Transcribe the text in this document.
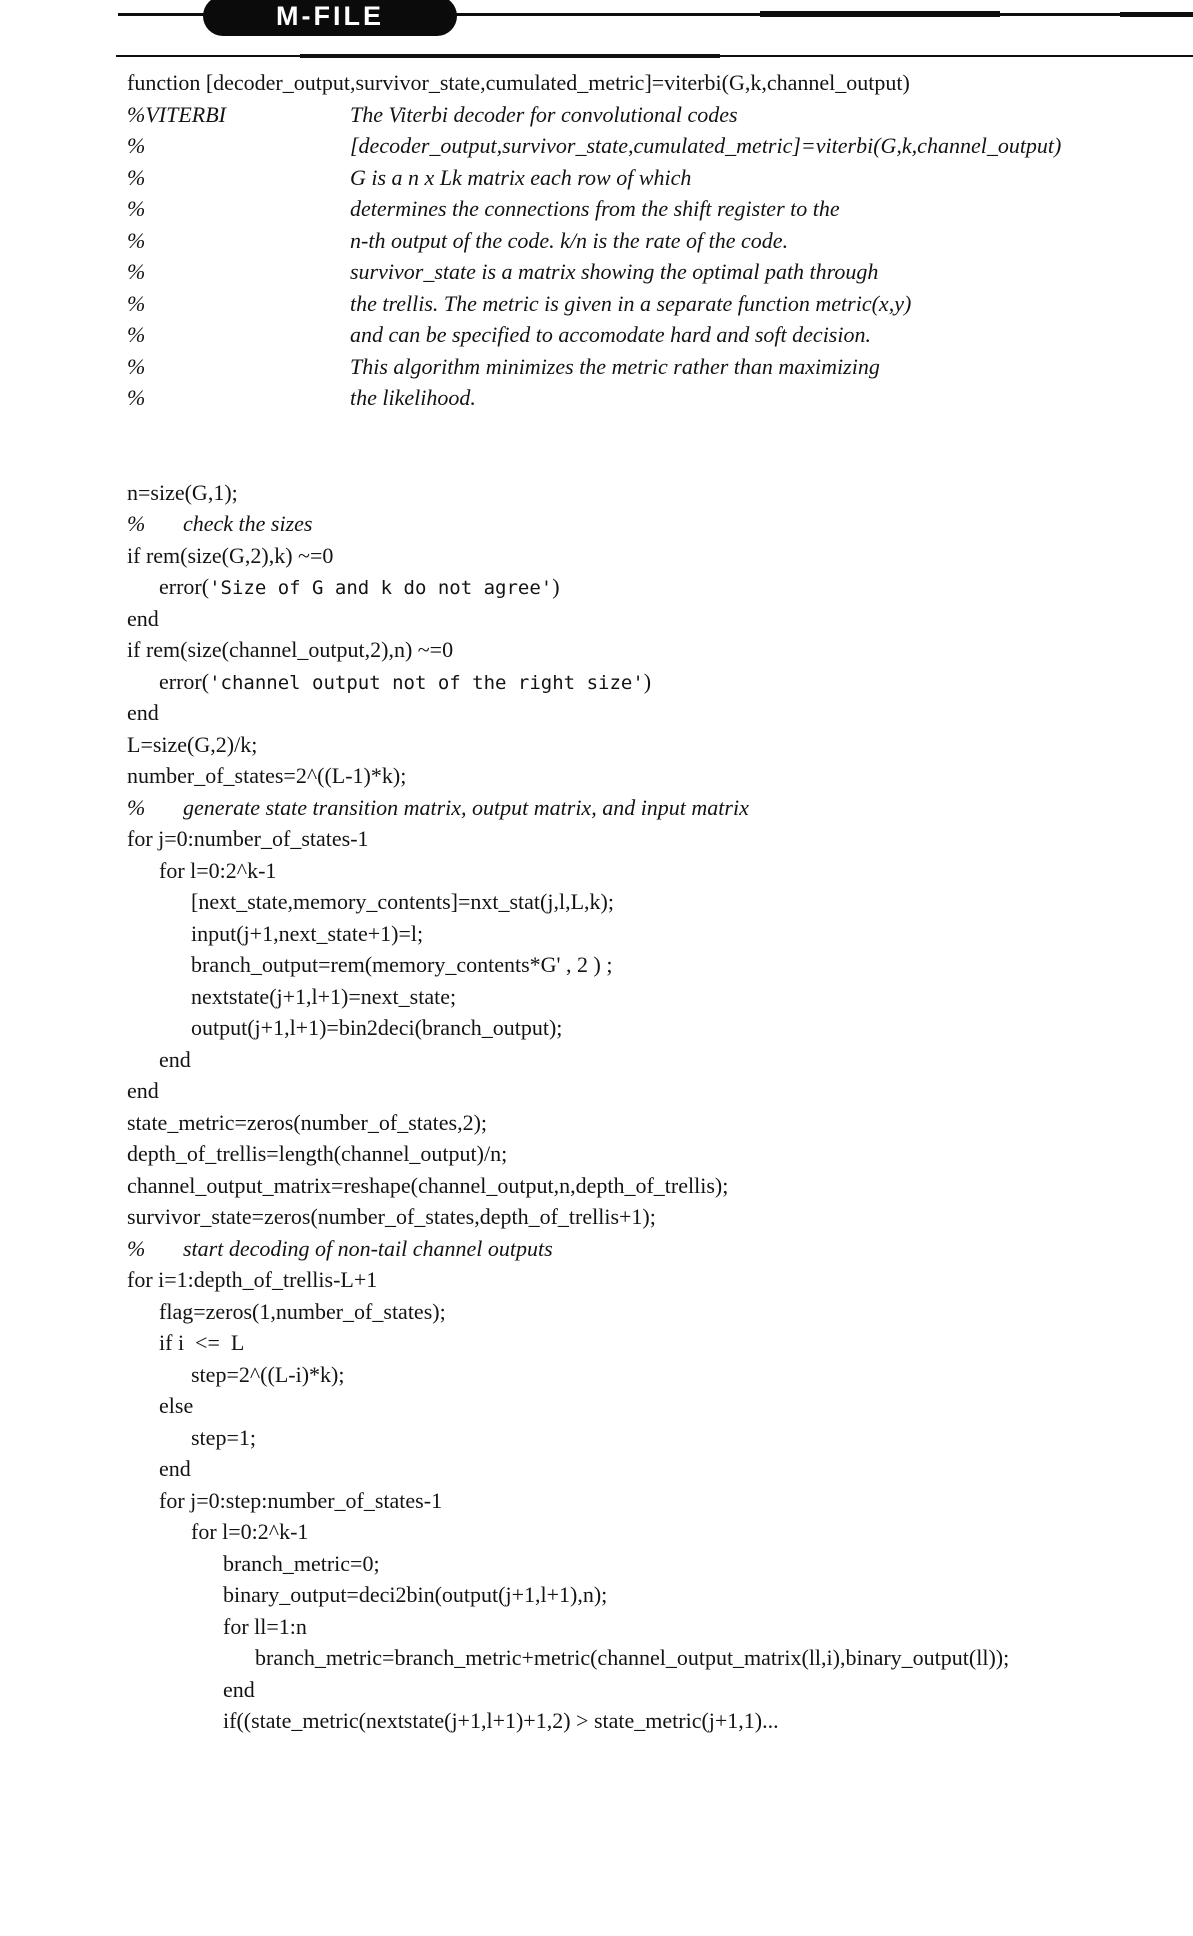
M-FILE
function [decoder_output,survivor_state,cumulated_metric]=viterbi(G,k,channel_output)
%VITERBI	The Viterbi decoder for convolutional codes
%	[decoder_output,survivor_state,cumulated_metric]=viterbi(G,k,channel_output)
%	G is a n x Lk matrix each row of which
%	determines the connections from the shift register to the
%	n-th output of the code. k/n is the rate of the code.
%	survivor_state is a matrix showing the optimal path through
%	the trellis. The metric is given in a separate function metric(x,y)
%	and can be specified to accomodate hard and soft decision.
%	This algorithm minimizes the metric rather than maximizing
%	the likelihood.
n=size(G,1);
% check the sizes
if rem(size(G,2),k) ~=0
error('Size of G and k do not agree')
end
if rem(size(channel_output,2),n) ~=0
error('channel output not of the right size')
end
L=size(G,2)/k;
number_of_states=2^((L-1)*k);
% generate state transition matrix, output matrix, and input matrix
for j=0:number_of_states-1
for l=0:2^k-1
[next_state,memory_contents]=nxt_stat(j,l,L,k);
input(j+1,next_state+1)=l;
branch_output=rem(memory_contents*G' , 2 ) ;
nextstate(j+1,l+1)=next_state;
output(j+1,l+1)=bin2deci(branch_output);
end
end
state_metric=zeros(number_of_states,2);
depth_of_trellis=length(channel_output)/n;
channel_output_matrix=reshape(channel_output,n,depth_of_trellis);
survivor_state=zeros(number_of_states,depth_of_trellis+1);
% start decoding of non-tail channel outputs
for i=1:depth_of_trellis-L+1
flag=zeros(1,number_of_states);
if i  <=  L
step=2^((L-i)*k);
else
step=1;
end
for j=0:step:number_of_states-1
for l=0:2^k-1
branch_metric=0;
binary_output=deci2bin(output(j+1,l+1),n);
for ll=1:n
branch_metric=branch_metric+metric(channel_output_matrix(ll,i),binary_output(ll));
end
if((state_metric(nextstate(j+1,l+1)+1,2) > state_metric(j+1,1)...
